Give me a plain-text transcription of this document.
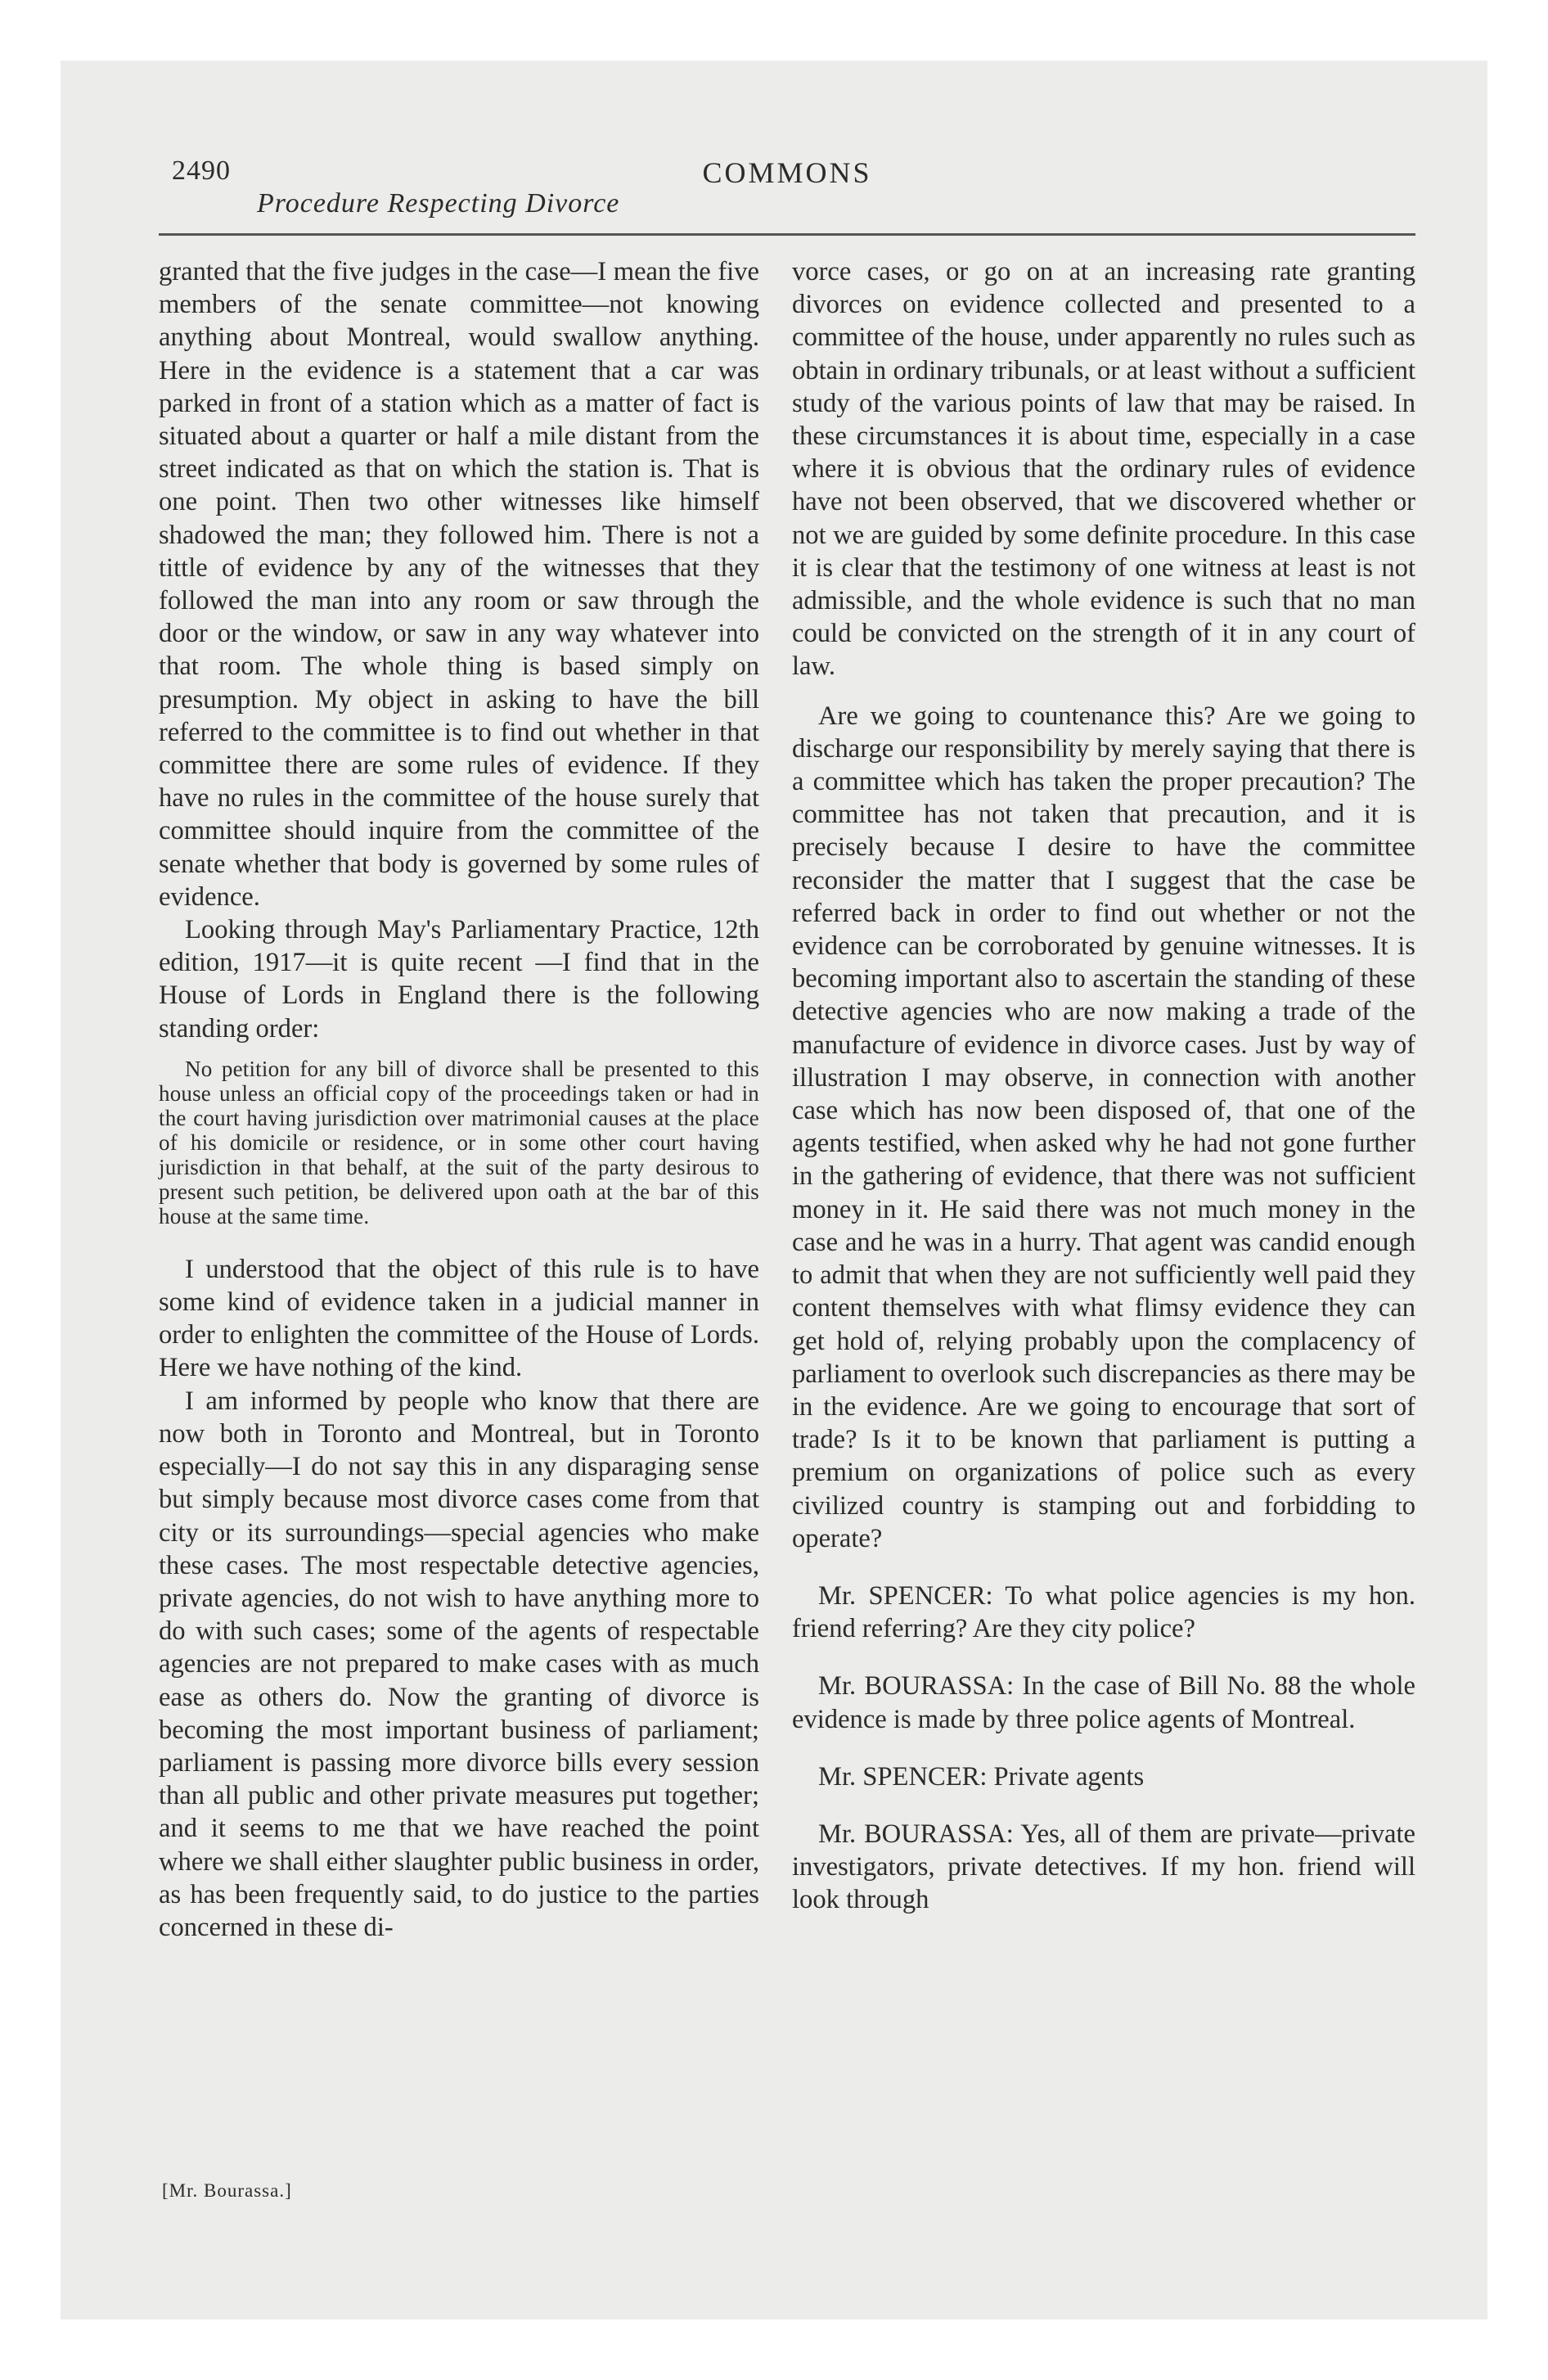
2490	COMMONS
Procedure Respecting Divorce

granted that the five judges in the case—I mean the five members of the senate committee—not knowing anything about Montreal, would swallow anything. Here in the evidence is a statement that a car was parked in front of a station which as a matter of fact is situated about a quarter or half a mile distant from the street indicated as that on which the station is. That is one point. Then two other witnesses like himself shadowed the man; they followed him. There is not a tittle of evidence by any of the witnesses that they followed the man into any room or saw through the door or the window, or saw in any way whatever into that room. The whole thing is based simply on presumption. My object in asking to have the bill referred to the committee is to find out whether in that committee there are some rules of evidence. If they have no rules in the committee of the house surely that committee should inquire from the committee of the senate whether that body is governed by some rules of evidence.

Looking through May's Parliamentary Practice, 12th edition, 1917—it is quite recent —I find that in the House of Lords in England there is the following standing order:

No petition for any bill of divorce shall be presented to this house unless an official copy of the proceedings taken or had in the court having jurisdiction over matrimonial causes at the place of his domicile or residence, or in some other court having jurisdiction in that behalf, at the suit of the party desirous to present such petition, be delivered upon oath at the bar of this house at the same time.

I understood that the object of this rule is to have some kind of evidence taken in a judicial manner in order to enlighten the committee of the House of Lords. Here we have nothing of the kind.

I am informed by people who know that there are now both in Toronto and Montreal, but in Toronto especially—I do not say this in any disparaging sense but simply because most divorce cases come from that city or its surroundings—special agencies who make these cases. The most respectable detective agencies, private agencies, do not wish to have anything more to do with such cases; some of the agents of respectable agencies are not prepared to make cases with as much ease as others do. Now the granting of divorce is becoming the most important business of parliament; parliament is passing more divorce bills every session than all public and other private measures put together; and it seems to me that we have reached the point where we shall either slaughter public business in order, as has been frequently said, to do justice to the parties concerned in these di-

vorce cases, or go on at an increasing rate granting divorces on evidence collected and presented to a committee of the house, under apparently no rules such as obtain in ordinary tribunals, or at least without a sufficient study of the various points of law that may be raised. In these circumstances it is about time, especially in a case where it is obvious that the ordinary rules of evidence have not been observed, that we discovered whether or not we are guided by some definite procedure. In this case it is clear that the testimony of one witness at least is not admissible, and the whole evidence is such that no man could be convicted on the strength of it in any court of law.

Are we going to countenance this? Are we going to discharge our responsibility by merely saying that there is a committee which has taken the proper precaution? The committee has not taken that precaution, and it is precisely because I desire to have the committee reconsider the matter that I suggest that the case be referred back in order to find out whether or not the evidence can be corroborated by genuine witnesses. It is becoming important also to ascertain the standing of these detective agencies who are now making a trade of the manufacture of evidence in divorce cases. Just by way of illustration I may observe, in connection with another case which has now been disposed of, that one of the agents testified, when asked why he had not gone further in the gathering of evidence, that there was not sufficient money in it. He said there was not much money in the case and he was in a hurry. That agent was candid enough to admit that when they are not sufficiently well paid they content themselves with what flimsy evidence they can get hold of, relying probably upon the complacency of parliament to overlook such discrepancies as there may be in the evidence. Are we going to encourage that sort of trade? Is it to be known that parliament is putting a premium on organizations of police such as every civilized country is stamping out and forbidding to operate?

Mr. SPENCER: To what police agencies is my hon. friend referring? Are they city police?

Mr. BOURASSA: In the case of Bill No. 88 the whole evidence is made by three police agents of Montreal.

Mr. SPENCER: Private agents

Mr. BOURASSA: Yes, all of them are private—private investigators, private detectives. If my hon. friend will look through

[Mr. Bourassa.]
